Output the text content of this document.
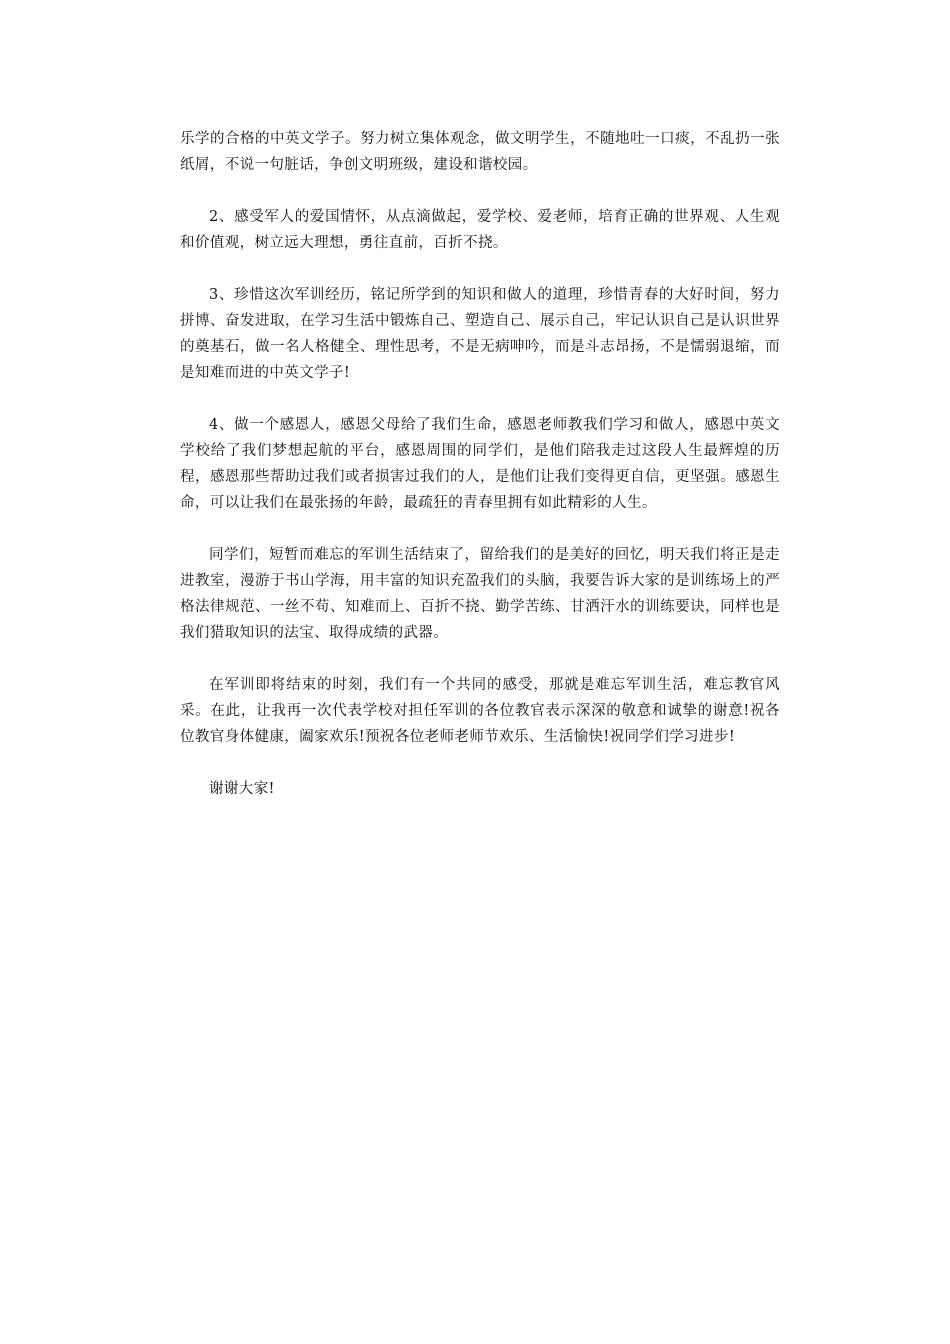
乐学的合格的中英文学子。努力树立集体观念，做文明学生，不随地吐一口痰，不乱扔一张纸屑，不说一句脏话，争创文明班级，建设和谐校园。

2、感受军人的爱国情怀，从点滴做起，爱学校、爱老师，培育正确的世界观、人生观和价值观，树立远大理想，勇往直前，百折不挠。

3、珍惜这次军训经历，铭记所学到的知识和做人的道理，珍惜青春的大好时间，努力拼博、奋发进取，在学习生活中锻炼自己、塑造自己、展示自己，牢记认识自己是认识世界的奠基石，做一名人格健全、理性思考，不是无病呻吟，而是斗志昂扬，不是懦弱退缩，而是知难而进的中英文学子!

4、做一个感恩人，感恩父母给了我们生命，感恩老师教我们学习和做人，感恩中英文学校给了我们梦想起航的平台，感恩周围的同学们，是他们陪我走过这段人生最辉煌的历程，感恩那些帮助过我们或者损害过我们的人，是他们让我们变得更自信，更坚强。感恩生命，可以让我们在最张扬的年龄，最疏狂的青春里拥有如此精彩的人生。

同学们，短暂而难忘的军训生活结束了，留给我们的是美好的回忆，明天我们将正是走进教室，漫游于书山学海，用丰富的知识充盈我们的头脑，我要告诉大家的是训练场上的严格法律规范、一丝不苟、知难而上、百折不挠、勤学苦练、甘洒汗水的训练要诀，同样也是我们猎取知识的法宝、取得成绩的武器。

在军训即将结束的时刻，我们有一个共同的感受，那就是难忘军训生活，难忘教官风采。在此，让我再一次代表学校对担任军训的各位教官表示深深的敬意和诚挚的谢意!祝各位教官身体健康，阖家欢乐!预祝各位老师老师节欢乐、生活愉快!祝同学们学习进步!

谢谢大家!
